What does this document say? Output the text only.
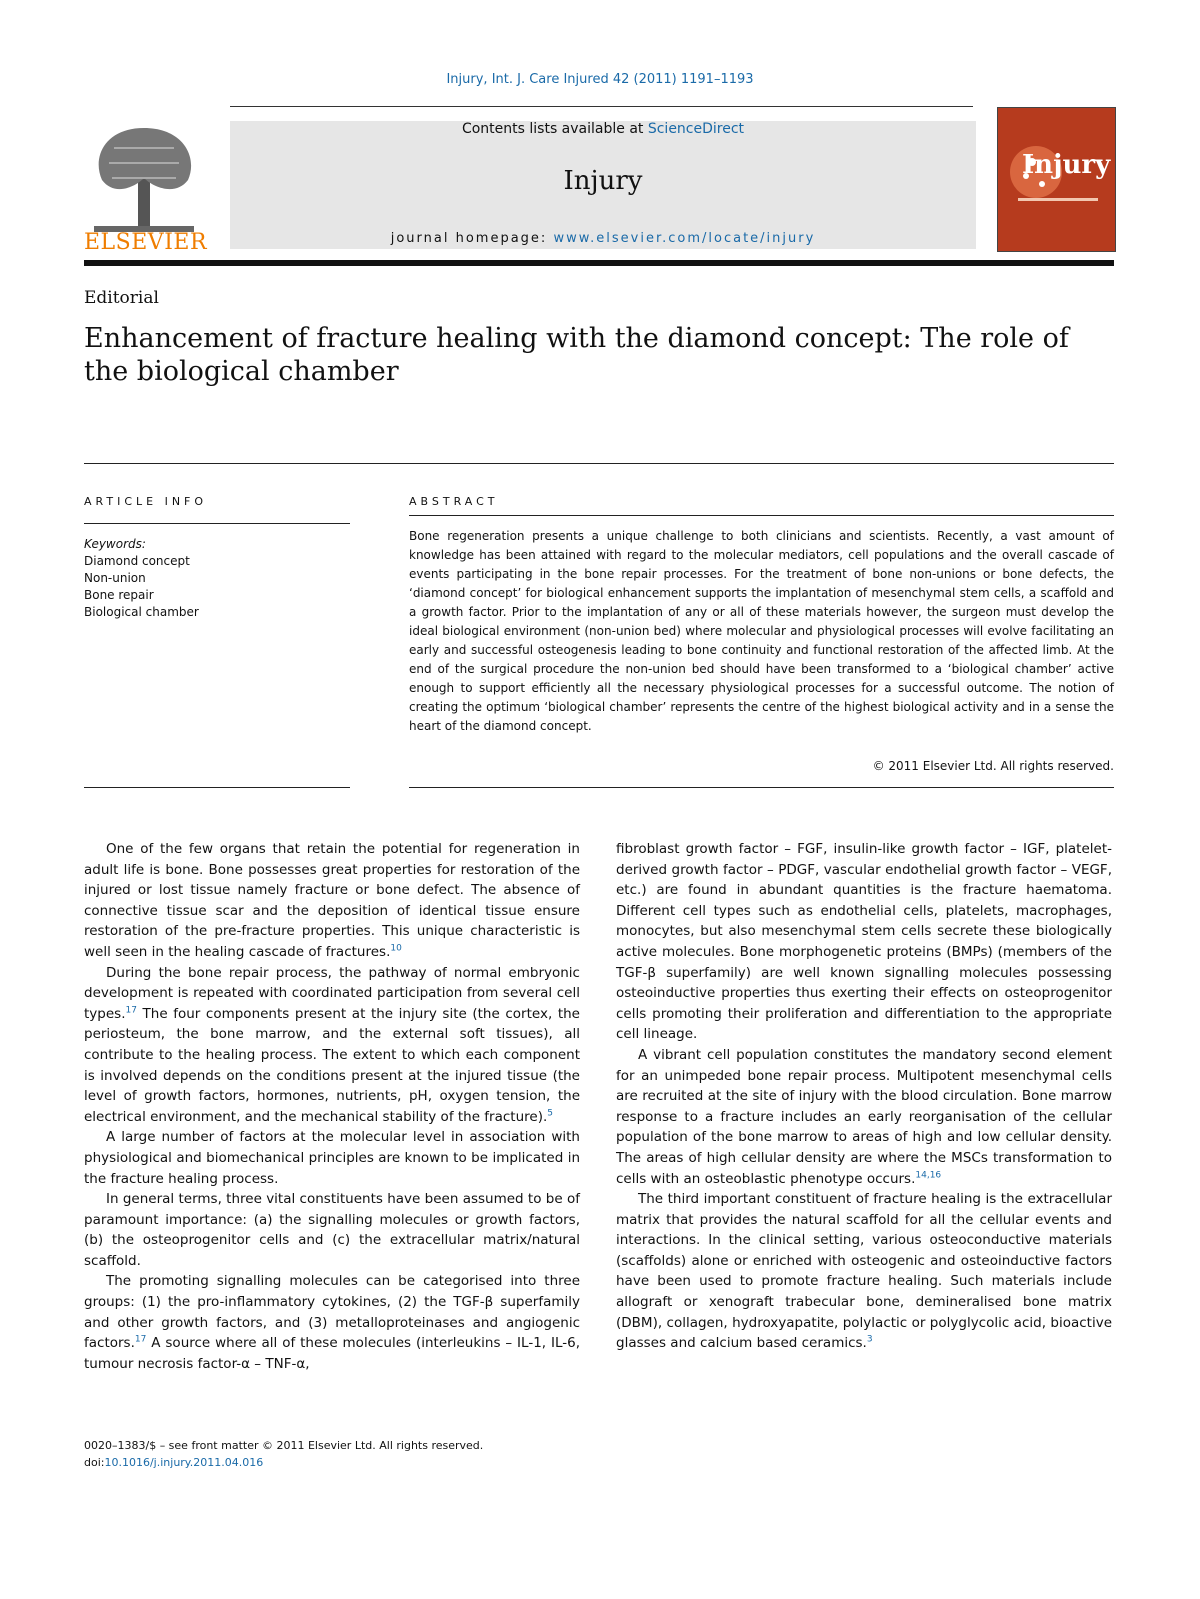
Injury, Int. J. Care Injured 42 (2011) 1191–1193
ELSEVIER
Contents lists available at ScienceDirect
Injury
journal homepage: www.elsevier.com/locate/injury
Injury
Editorial
Enhancement of fracture healing with the diamond concept: The role of the biological chamber
ARTICLE INFO
Keywords:
Diamond concept
Non-union
Bone repair
Biological chamber
ABSTRACT
Bone regeneration presents a unique challenge to both clinicians and scientists. Recently, a vast amount of knowledge has been attained with regard to the molecular mediators, cell populations and the overall cascade of events participating in the bone repair processes. For the treatment of bone non-unions or bone defects, the ‘diamond concept’ for biological enhancement supports the implantation of mesenchymal stem cells, a scaffold and a growth factor. Prior to the implantation of any or all of these materials however, the surgeon must develop the ideal biological environment (non-union bed) where molecular and physiological processes will evolve facilitating an early and successful osteogenesis leading to bone continuity and functional restoration of the affected limb. At the end of the surgical procedure the non-union bed should have been transformed to a ‘biological chamber’ active enough to support efficiently all the necessary physiological processes for a successful outcome. The notion of creating the optimum ‘biological chamber’ represents the centre of the highest biological activity and in a sense the heart of the diamond concept.
© 2011 Elsevier Ltd. All rights reserved.

One of the few organs that retain the potential for regeneration in adult life is bone. Bone possesses great properties for restoration of the injured or lost tissue namely fracture or bone defect. The absence of connective tissue scar and the deposition of identical tissue ensure restoration of the pre-fracture properties. This unique characteristic is well seen in the healing cascade of fractures.$^{10}$

During the bone repair process, the pathway of normal embryonic development is repeated with coordinated participation from several cell types.$^{17}$ The four components present at the injury site (the cortex, the periosteum, the bone marrow, and the external soft tissues), all contribute to the healing process. The extent to which each component is involved depends on the conditions present at the injured tissue (the level of growth factors, hormones, nutrients, pH, oxygen tension, the electrical environment, and the mechanical stability of the fracture).$^5$

A large number of factors at the molecular level in association with physiological and biomechanical principles are known to be implicated in the fracture healing process.

In general terms, three vital constituents have been assumed to be of paramount importance: (a) the signalling molecules or growth factors, (b) the osteoprogenitor cells and (c) the extracellular matrix/natural scaffold.

The promoting signalling molecules can be categorised into three groups: (1) the pro-inflammatory cytokines, (2) the TGF-β superfamily and other growth factors, and (3) metalloproteinases and angiogenic factors.$^{17}$ A source where all of these molecules (interleukins – IL-1, IL-6, tumour necrosis factor-α – TNF-α,

fibroblast growth factor – FGF, insulin-like growth factor – IGF, platelet-derived growth factor – PDGF, vascular endothelial growth factor – VEGF, etc.) are found in abundant quantities is the fracture haematoma. Different cell types such as endothelial cells, platelets, macrophages, monocytes, but also mesenchymal stem cells secrete these biologically active molecules. Bone morphogenetic proteins (BMPs) (members of the TGF-β superfamily) are well known signalling molecules possessing osteoinductive properties thus exerting their effects on osteoprogenitor cells promoting their proliferation and differentiation to the appropriate cell lineage.

A vibrant cell population constitutes the mandatory second element for an unimpeded bone repair process. Multipotent mesenchymal cells are recruited at the site of injury with the blood circulation. Bone marrow response to a fracture includes an early reorganisation of the cellular population of the bone marrow to areas of high and low cellular density. The areas of high cellular density are where the MSCs transformation to cells with an osteoblastic phenotype occurs.$^{14,16}$

The third important constituent of fracture healing is the extracellular matrix that provides the natural scaffold for all the cellular events and interactions. In the clinical setting, various osteoconductive materials (scaffolds) alone or enriched with osteogenic and osteoinductive factors have been used to promote fracture healing. Such materials include allograft or xenograft trabecular bone, demineralised bone matrix (DBM), collagen, hydroxyapatite, polylactic or polyglycolic acid, bioactive glasses and calcium based ceramics.$^3$

0020–1383/$ – see front matter © 2011 Elsevier Ltd. All rights reserved.
doi:10.1016/j.injury.2011.04.016
